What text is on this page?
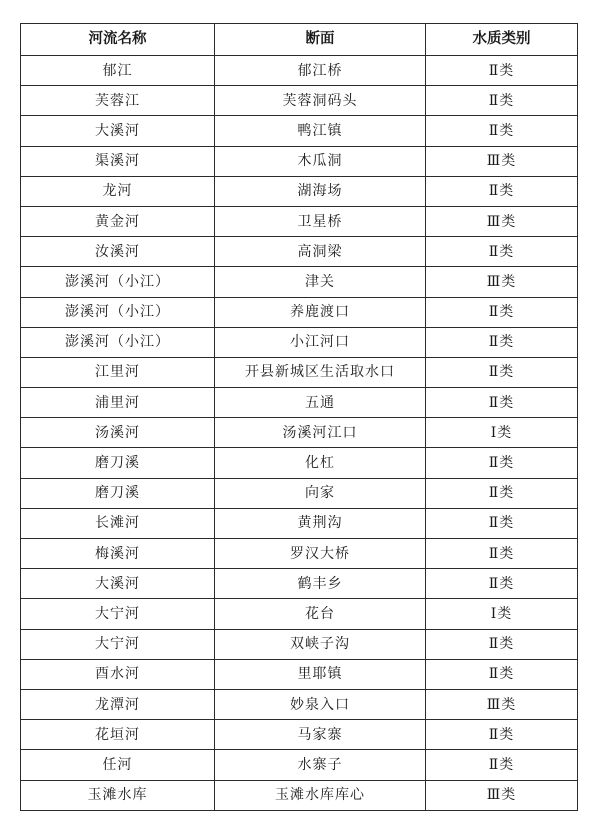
河流名称	断面	水质类别
郁江	郁江桥	Ⅱ类
芙蓉江	芙蓉洞码头	Ⅱ类
大溪河	鸭江镇	Ⅱ类
渠溪河	木瓜洞	Ⅲ类
龙河	湖海场	Ⅱ类
黄金河	卫星桥	Ⅲ类
汝溪河	高洞梁	Ⅱ类
澎溪河（小江）	津关	Ⅲ类
澎溪河（小江）	养鹿渡口	Ⅱ类
澎溪河（小江）	小江河口	Ⅱ类
江里河	开县新城区生活取水口	Ⅱ类
浦里河	五通	Ⅱ类
汤溪河	汤溪河江口	Ⅰ类
磨刀溪	化杠	Ⅱ类
磨刀溪	向家	Ⅱ类
长滩河	黄荆沟	Ⅱ类
梅溪河	罗汉大桥	Ⅱ类
大溪河	鹤丰乡	Ⅱ类
大宁河	花台	Ⅰ类
大宁河	双峡子沟	Ⅱ类
酉水河	里耶镇	Ⅱ类
龙潭河	妙泉入口	Ⅲ类
花垣河	马家寨	Ⅱ类
任河	水寨子	Ⅱ类
玉滩水库	玉滩水库库心	Ⅲ类
